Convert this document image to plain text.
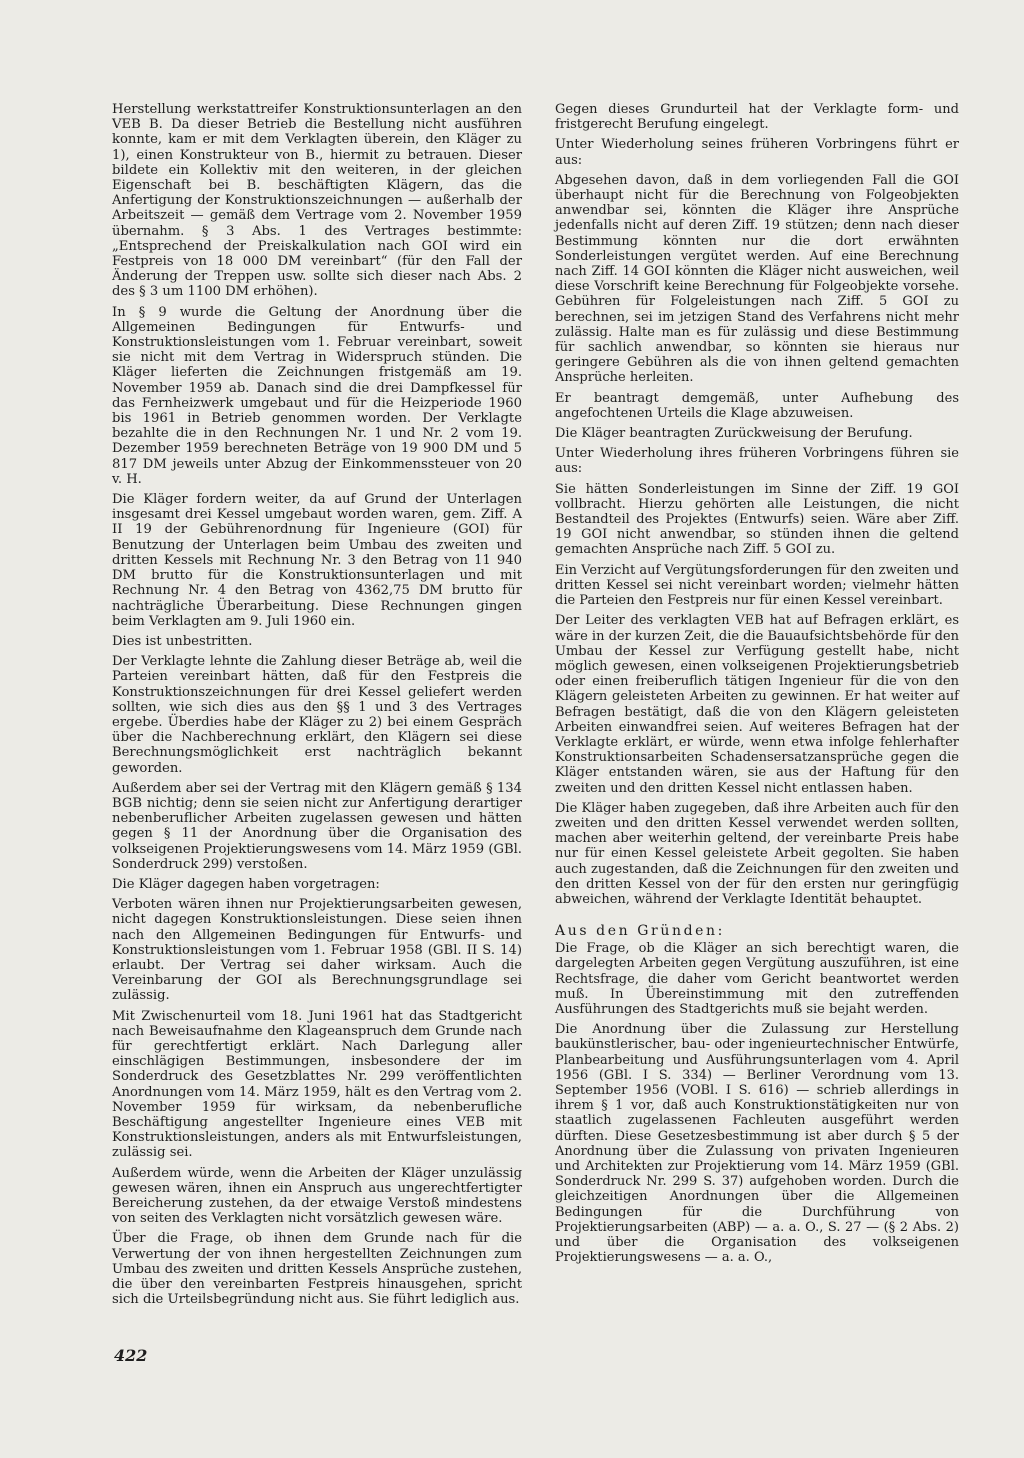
Herstellung werkstattreifer Konstruktionsunterlagen an den VEB B. Da dieser Betrieb die Bestellung nicht ausführen konnte, kam er mit dem Verklagten überein, den Kläger zu 1), einen Konstrukteur von B., hiermit zu betrauen. Dieser bildete ein Kollektiv mit den weiteren, in der gleichen Eigenschaft bei B. beschäftigten Klägern, das die Anfertigung der Konstruktionszeichnungen — außerhalb der Arbeitszeit — gemäß dem Vertrage vom 2. November 1959 übernahm. § 3 Abs. 1 des Vertrages bestimmte: „Entsprechend der Preiskalkulation nach GOI wird ein Festpreis von 18 000 DM vereinbart“ (für den Fall der Änderung der Treppen usw. sollte sich dieser nach Abs. 2 des § 3 um 1100 DM erhöhen).

In § 9 wurde die Geltung der Anordnung über die Allgemeinen Bedingungen für Entwurfs- und Konstruktionsleistungen vom 1. Februar vereinbart, soweit sie nicht mit dem Vertrag in Widerspruch stünden. Die Kläger lieferten die Zeichnungen fristgemäß am 19. November 1959 ab. Danach sind die drei Dampfkessel für das Fernheizwerk umgebaut und für die Heizperiode 1960 bis 1961 in Betrieb genommen worden. Der Verklagte bezahlte die in den Rechnungen Nr. 1 und Nr. 2 vom 19. Dezember 1959 berechneten Beträge von 19 900 DM und 5 817 DM jeweils unter Abzug der Einkommenssteuer von 20 v. H.

Die Kläger fordern weiter, da auf Grund der Unterlagen insgesamt drei Kessel umgebaut worden waren, gem. Ziff. A II 19 der Gebührenordnung für Ingenieure (GOI) für Benutzung der Unterlagen beim Umbau des zweiten und dritten Kessels mit Rechnung Nr. 3 den Betrag von 11 940 DM brutto für die Konstruktionsunterlagen und mit Rechnung Nr. 4 den Betrag von 4362,75 DM brutto für nachträgliche Überarbeitung. Diese Rechnungen gingen beim Verklagten am 9. Juli 1960 ein.

Dies ist unbestritten.

Der Verklagte lehnte die Zahlung dieser Beträge ab, weil die Parteien vereinbart hätten, daß für den Festpreis die Konstruktionszeichnungen für drei Kessel geliefert werden sollten, wie sich dies aus den §§ 1 und 3 des Vertrages ergebe. Überdies habe der Kläger zu 2) bei einem Gespräch über die Nachberechnung erklärt, den Klägern sei diese Berechnungsmöglichkeit erst nachträglich bekannt geworden.

Außerdem aber sei der Vertrag mit den Klägern gemäß § 134 BGB nichtig; denn sie seien nicht zur Anfertigung derartiger nebenberuflicher Arbeiten zugelassen gewesen und hätten gegen § 11 der Anordnung über die Organisation des volkseigenen Projektierungswesens vom 14. März 1959 (GBl. Sonderdruck 299) verstoßen.

Die Kläger dagegen haben vorgetragen:

Verboten wären ihnen nur Projektierungsarbeiten gewesen, nicht dagegen Konstruktionsleistungen. Diese seien ihnen nach den Allgemeinen Bedingungen für Entwurfs- und Konstruktionsleistungen vom 1. Februar 1958 (GBl. II S. 14) erlaubt. Der Vertrag sei daher wirksam. Auch die Vereinbarung der GOI als Berechnungsgrundlage sei zulässig.

Mit Zwischenurteil vom 18. Juni 1961 hat das Stadtgericht nach Beweisaufnahme den Klageanspruch dem Grunde nach für gerechtfertigt erklärt. Nach Darlegung aller einschlägigen Bestimmungen, insbesondere der im Sonderdruck des Gesetzblattes Nr. 299 veröffentlichten Anordnungen vom 14. März 1959, hält es den Vertrag vom 2. November 1959 für wirksam, da nebenberufliche Beschäftigung angestellter Ingenieure eines VEB mit Konstruktionsleistungen, anders als mit Entwurfsleistungen, zulässig sei.

Außerdem würde, wenn die Arbeiten der Kläger unzulässig gewesen wären, ihnen ein Anspruch aus ungerechtfertigter Bereicherung zustehen, da der etwaige Verstoß mindestens von seiten des Verklagten nicht vorsätzlich gewesen wäre.

Über die Frage, ob ihnen dem Grunde nach für die Verwertung der von ihnen hergestellten Zeichnungen zum Umbau des zweiten und dritten Kessels Ansprüche zustehen, die über den vereinbarten Festpreis hinausgehen, spricht sich die Urteilsbegründung nicht aus. Sie führt lediglich aus.

Gegen dieses Grundurteil hat der Verklagte form- und fristgerecht Berufung eingelegt.

Unter Wiederholung seines früheren Vorbringens führt er aus:

Abgesehen davon, daß in dem vorliegenden Fall die GOI überhaupt nicht für die Berechnung von Folgeobjekten anwendbar sei, könnten die Kläger ihre Ansprüche jedenfalls nicht auf deren Ziff. 19 stützen; denn nach dieser Bestimmung könnten nur die dort erwähnten Sonderleistungen vergütet werden. Auf eine Berechnung nach Ziff. 14 GOI könnten die Kläger nicht ausweichen, weil diese Vorschrift keine Berechnung für Folgeobjekte vorsehe. Gebühren für Folgeleistungen nach Ziff. 5 GOI zu berechnen, sei im jetzigen Stand des Verfahrens nicht mehr zulässig. Halte man es für zulässig und diese Bestimmung für sachlich anwendbar, so könnten sie hieraus nur geringere Gebühren als die von ihnen geltend gemachten Ansprüche herleiten.

Er beantragt demgemäß, unter Aufhebung des angefochtenen Urteils die Klage abzuweisen.

Die Kläger beantragten Zurückweisung der Berufung.

Unter Wiederholung ihres früheren Vorbringens führen sie aus:

Sie hätten Sonderleistungen im Sinne der Ziff. 19 GOI vollbracht. Hierzu gehörten alle Leistungen, die nicht Bestandteil des Projektes (Entwurfs) seien. Wäre aber Ziff. 19 GOI nicht anwendbar, so stünden ihnen die geltend gemachten Ansprüche nach Ziff. 5 GOI zu.

Ein Verzicht auf Vergütungsforderungen für den zweiten und dritten Kessel sei nicht vereinbart worden; vielmehr hätten die Parteien den Festpreis nur für einen Kessel vereinbart.

Der Leiter des verklagten VEB hat auf Befragen erklärt, es wäre in der kurzen Zeit, die die Bauaufsichtsbehörde für den Umbau der Kessel zur Verfügung gestellt habe, nicht möglich gewesen, einen volkseigenen Projektierungsbetrieb oder einen freiberuflich tätigen Ingenieur für die von den Klägern geleisteten Arbeiten zu gewinnen. Er hat weiter auf Befragen bestätigt, daß die von den Klägern geleisteten Arbeiten einwandfrei seien. Auf weiteres Befragen hat der Verklagte erklärt, er würde, wenn etwa infolge fehlerhafter Konstruktionsarbeiten Schadensersatzansprüche gegen die Kläger entstanden wären, sie aus der Haftung für den zweiten und den dritten Kessel nicht entlassen haben.

Die Kläger haben zugegeben, daß ihre Arbeiten auch für den zweiten und den dritten Kessel verwendet werden sollten, machen aber weiterhin geltend, der vereinbarte Preis habe nur für einen Kessel geleistete Arbeit gegolten. Sie haben auch zugestanden, daß die Zeichnungen für den zweiten und den dritten Kessel von der für den ersten nur geringfügig abweichen, während der Verklagte Identität behauptet.

Aus den Gründen:

Die Frage, ob die Kläger an sich berechtigt waren, die dargelegten Arbeiten gegen Vergütung auszuführen, ist eine Rechtsfrage, die daher vom Gericht beantwortet werden muß. In Übereinstimmung mit den zutreffenden Ausführungen des Stadtgerichts muß sie bejaht werden.

Die Anordnung über die Zulassung zur Herstellung baukünstlerischer, bau- oder ingenieurtechnischer Entwürfe, Planbearbeitung und Ausführungsunterlagen vom 4. April 1956 (GBl. I S. 334) — Berliner Verordnung vom 13. September 1956 (VOBl. I S. 616) — schrieb allerdings in ihrem § 1 vor, daß auch Konstruktionstätigkeiten nur von staatlich zugelassenen Fachleuten ausgeführt werden dürften. Diese Gesetzesbestimmung ist aber durch § 5 der Anordnung über die Zulassung von privaten Ingenieuren und Architekten zur Projektierung vom 14. März 1959 (GBl. Sonderdruck Nr. 299 S. 37) aufgehoben worden. Durch die gleichzeitigen Anordnungen über die Allgemeinen Bedingungen für die Durchführung von Projektierungsarbeiten (ABP) — a. a. O., S. 27 — (§ 2 Abs. 2) und über die Organisation des volkseigenen Projektierungswesens — a. a. O.,

422
